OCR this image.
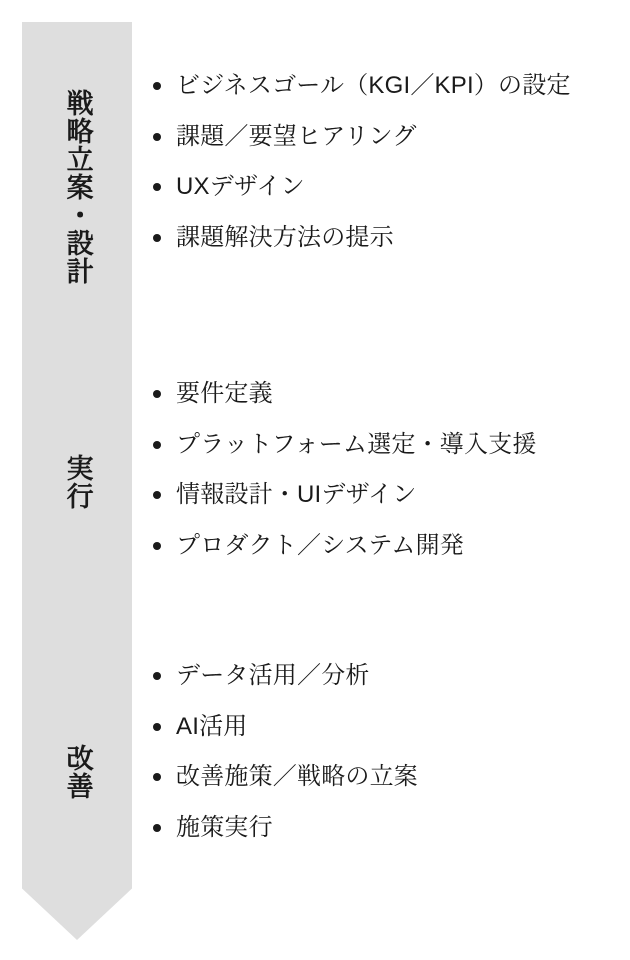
戦略立案・設計
実行
改善
ビジネスゴール（KGI／KPI）の設定
課題／要望ヒアリング
UXデザイン
課題解決方法の提示
要件定義
プラットフォーム選定・導入支援
情報設計・UIデザイン
プロダクト／システム開発
データ活用／分析
AI活用
改善施策／戦略の立案
施策実行
